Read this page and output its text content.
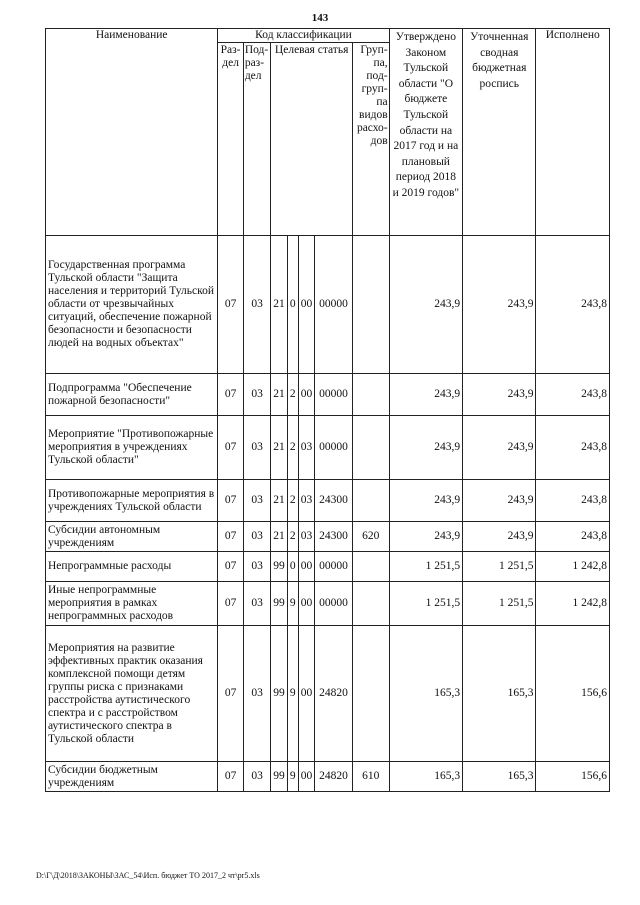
143
Наименование	Код классификации							Утверждено Законом Тульской области "О бюджете Тульской области на 2017 год и на плановый период 2018 и 2019 годов"	Уточненная сводная бюджетная роспись	Исполнено
	Раз-дел	Под-раз-дел	Целевая статья				Груп-па, под-груп-па видов расхо-дов			
Государственная программа Тульской области "Защита населения и территорий Тульской области от чрезвычайных ситуаций, обеспечение пожарной безопасности и безопасности людей на водных объектах"	07	03	21	0	00	00000		243,9	243,9	243,8
Подпрограмма "Обеспечение пожарной безопасности"	07	03	21	2	00	00000		243,9	243,9	243,8
Мероприятие "Противопожарные мероприятия в учреждениях Тульской области"	07	03	21	2	03	00000		243,9	243,9	243,8
Противопожарные мероприятия в учреждениях Тульской области	07	03	21	2	03	24300		243,9	243,9	243,8
Субсидии автономным учреждениям	07	03	21	2	03	24300	620	243,9	243,9	243,8
Непрограммные расходы	07	03	99	0	00	00000		1 251,5	1 251,5	1 242,8
Иные непрограммные мероприятия в рамках непрограммных расходов	07	03	99	9	00	00000		1 251,5	1 251,5	1 242,8
Мероприятия на развитие эффективных практик оказания комплексной помощи детям группы риска с признаками расстройства аутистического спектра и с расстройством аутистического спектра в Тульской области	07	03	99	9	00	24820		165,3	165,3	156,6
Субсидии бюджетным учреждениям	07	03	99	9	00	24820	610	165,3	165,3	156,6
D:\Г\Д\2018\ЗАКОНЫ\ЗАС_54\Исп. бюджет ТО 2017_2 чт\pr5.xls
